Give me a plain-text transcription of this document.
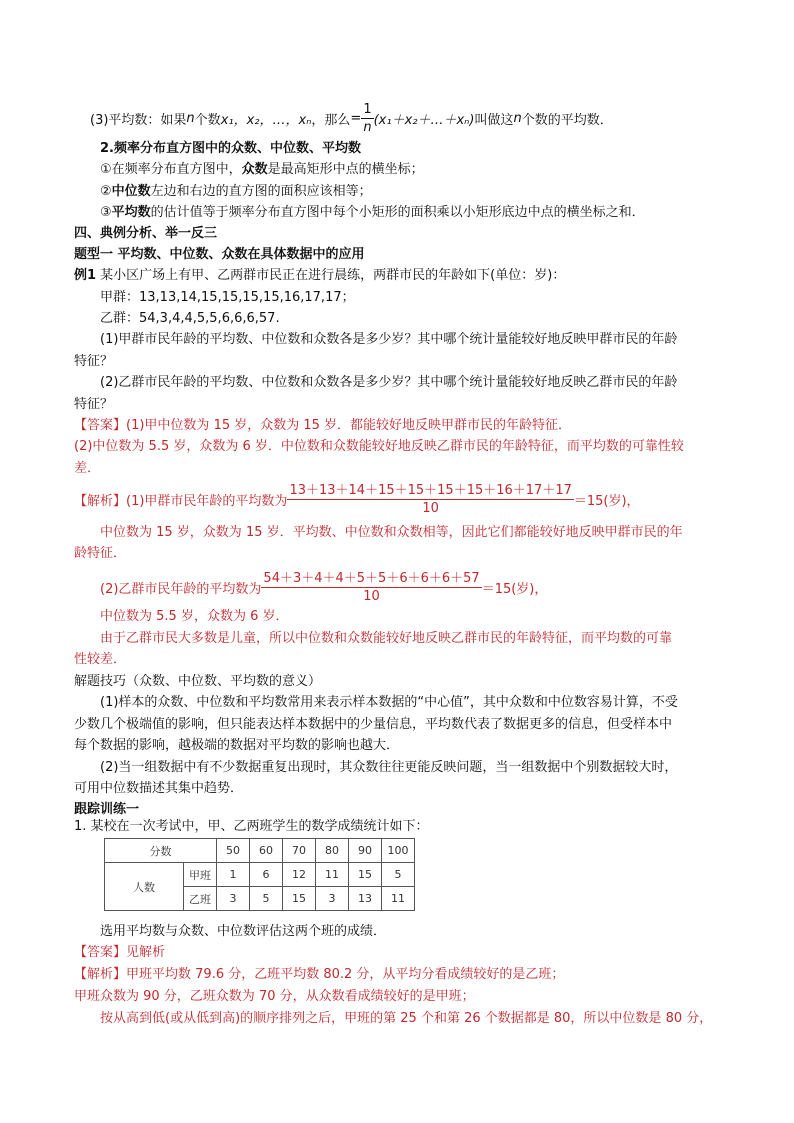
(3)平均数：如果n个数x₁，x₂，…，xₙ，那么= $\frac{1}{n}$ (x₁＋x₂＋…＋xₙ)叫做这n个数的平均数．
2.频率分布直方图中的众数、中位数、平均数
①在频率分布直方图中，众数是最高矩形中点的横坐标；
②中位数左边和右边的直方图的面积应该相等；
③平均数的估计值等于频率分布直方图中每个小矩形的面积乘以小矩形底边中点的横坐标之和．
四、典例分析、举一反三
题型一 平均数、中位数、众数在具体数据中的应用
例1 某小区广场上有甲、乙两群市民正在进行晨练，两群市民的年龄如下(单位：岁)：
甲群：13,13,14,15,15,15,15,16,17,17；
乙群：54,3,4,4,5,5,6,6,6,57.
(1)甲群市民年龄的平均数、中位数和众数各是多少岁？其中哪个统计量能较好地反映甲群市民的年龄
特征？
(2)乙群市民年龄的平均数、中位数和众数各是多少岁？其中哪个统计量能较好地反映乙群市民的年龄
特征？
【答案】(1)甲中位数为 15 岁，众数为 15 岁．都能较好地反映甲群市民的年龄特征．
(2)中位数为 5.5 岁，众数为 6 岁．中位数和众数能较好地反映乙群市民的年龄特征，而平均数的可靠性较
差．
【解析】(1)甲群市民年龄的平均数为 $\frac{13+13+14+15+15+15+15+16+17+17}{10} =15$(岁)，
中位数为 15 岁，众数为 15 岁．平均数、中位数和众数相等，因此它们都能较好地反映甲群市民的年
龄特征．
(2)乙群市民年龄的平均数为 $\frac{54+3+4+4+5+5+6+6+6+57}{10} =15$(岁)，
中位数为 5.5 岁，众数为 6 岁．
由于乙群市民大多数是儿童，所以中位数和众数能较好地反映乙群市民的年龄特征，而平均数的可靠
性较差．
解题技巧（众数、中位数、平均数的意义）
(1)样本的众数、中位数和平均数常用来表示样本数据的“中心值”，其中众数和中位数容易计算，不受
少数几个极端值的影响，但只能表达样本数据中的少量信息，平均数代表了数据更多的信息，但受样本中
每个数据的影响，越极端的数据对平均数的影响也越大．
(2)当一组数据中有不少数据重复出现时，其众数往往更能反映问题，当一组数据中个别数据较大时，
可用中位数描述其集中趋势．
跟踪训练一
1. 某校在一次考试中，甲、乙两班学生的数学成绩统计如下：
分数		50	60	70	80	90	100
人数	甲班	1	6	12	11	15	5
	乙班	3	5	15	3	13	11
选用平均数与众数、中位数评估这两个班的成绩．
【答案】见解析
【解析】甲班平均数 79.6 分，乙班平均数 80.2 分，从平均分看成绩较好的是乙班；
甲班众数为 90 分，乙班众数为 70 分，从众数看成绩较好的是甲班；
按从高到低(或从低到高)的顺序排列之后，甲班的第 25 个和第 26 个数据都是 80，所以中位数是 80 分，
